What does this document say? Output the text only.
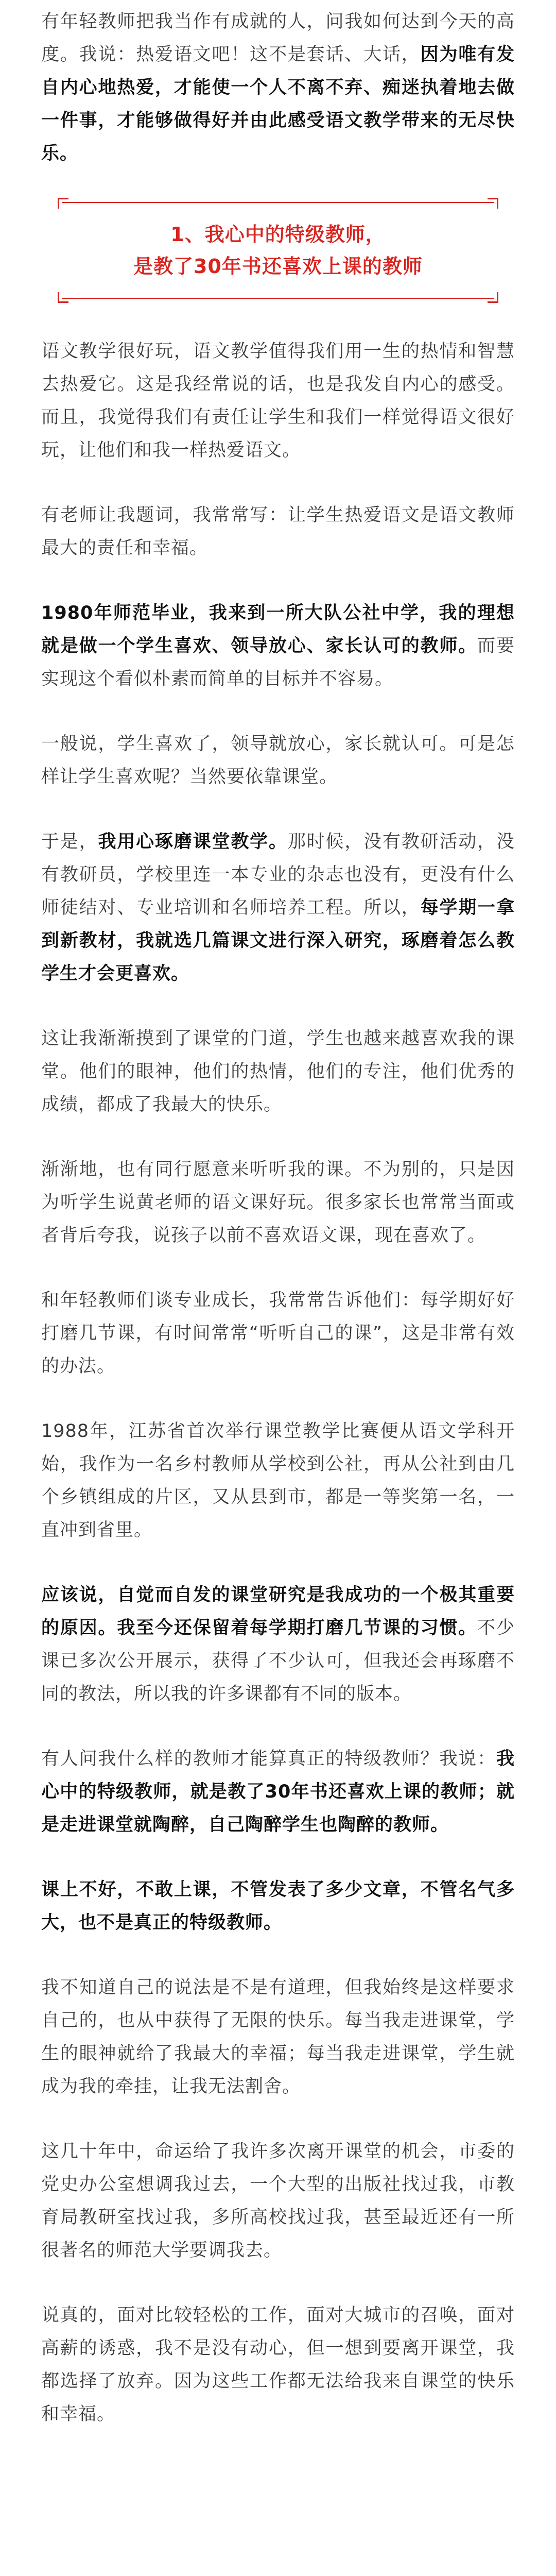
有年轻教师把我当作有成就的人，问我如何达到今天的高度。我说：热爱语文吧！这不是套话、大话，因为唯有发自内心地热爱，才能使一个人不离不弃、痴迷执着地去做一件事，才能够做得好并由此感受语文教学带来的无尽快乐。

1、我心中的特级教师，
是教了30年书还喜欢上课的教师

语文教学很好玩，语文教学值得我们用一生的热情和智慧去热爱它。这是我经常说的话，也是我发自内心的感受。而且，我觉得我们有责任让学生和我们一样觉得语文很好玩，让他们和我一样热爱语文。

有老师让我题词，我常常写：让学生热爱语文是语文教师最大的责任和幸福。

1980年师范毕业，我来到一所大队公社中学，我的理想就是做一个学生喜欢、领导放心、家长认可的教师。而要实现这个看似朴素而简单的目标并不容易。

一般说，学生喜欢了，领导就放心，家长就认可。可是怎样让学生喜欢呢？当然要依靠课堂。

于是，我用心琢磨课堂教学。那时候，没有教研活动，没有教研员，学校里连一本专业的杂志也没有，更没有什么师徒结对、专业培训和名师培养工程。所以，每学期一拿到新教材，我就选几篇课文进行深入研究，琢磨着怎么教学生才会更喜欢。

这让我渐渐摸到了课堂的门道，学生也越来越喜欢我的课堂。他们的眼神，他们的热情，他们的专注，他们优秀的成绩，都成了我最大的快乐。

渐渐地，也有同行愿意来听听我的课。不为别的，只是因为听学生说黄老师的语文课好玩。很多家长也常常当面或者背后夸我，说孩子以前不喜欢语文课，现在喜欢了。

和年轻教师们谈专业成长，我常常告诉他们：每学期好好打磨几节课，有时间常常“听听自己的课”，这是非常有效的办法。

1988年，江苏省首次举行课堂教学比赛便从语文学科开始，我作为一名乡村教师从学校到公社，再从公社到由几个乡镇组成的片区，又从县到市，都是一等奖第一名，一直冲到省里。

应该说，自觉而自发的课堂研究是我成功的一个极其重要的原因。我至今还保留着每学期打磨几节课的习惯。不少课已多次公开展示，获得了不少认可，但我还会再琢磨不同的教法，所以我的许多课都有不同的版本。

有人问我什么样的教师才能算真正的特级教师？我说：我心中的特级教师，就是教了30年书还喜欢上课的教师；就是走进课堂就陶醉，自己陶醉学生也陶醉的教师。

课上不好，不敢上课，不管发表了多少文章，不管名气多大，也不是真正的特级教师。

我不知道自己的说法是不是有道理，但我始终是这样要求自己的，也从中获得了无限的快乐。每当我走进课堂，学生的眼神就给了我最大的幸福；每当我走进课堂，学生就成为我的牵挂，让我无法割舍。

这几十年中，命运给了我许多次离开课堂的机会，市委的党史办公室想调我过去，一个大型的出版社找过我，市教育局教研室找过我，多所高校找过我，甚至最近还有一所很著名的师范大学要调我去。

说真的，面对比较轻松的工作，面对大城市的召唤，面对高薪的诱惑，我不是没有动心，但一想到要离开课堂，我都选择了放弃。因为这些工作都无法给我来自课堂的快乐和幸福。
